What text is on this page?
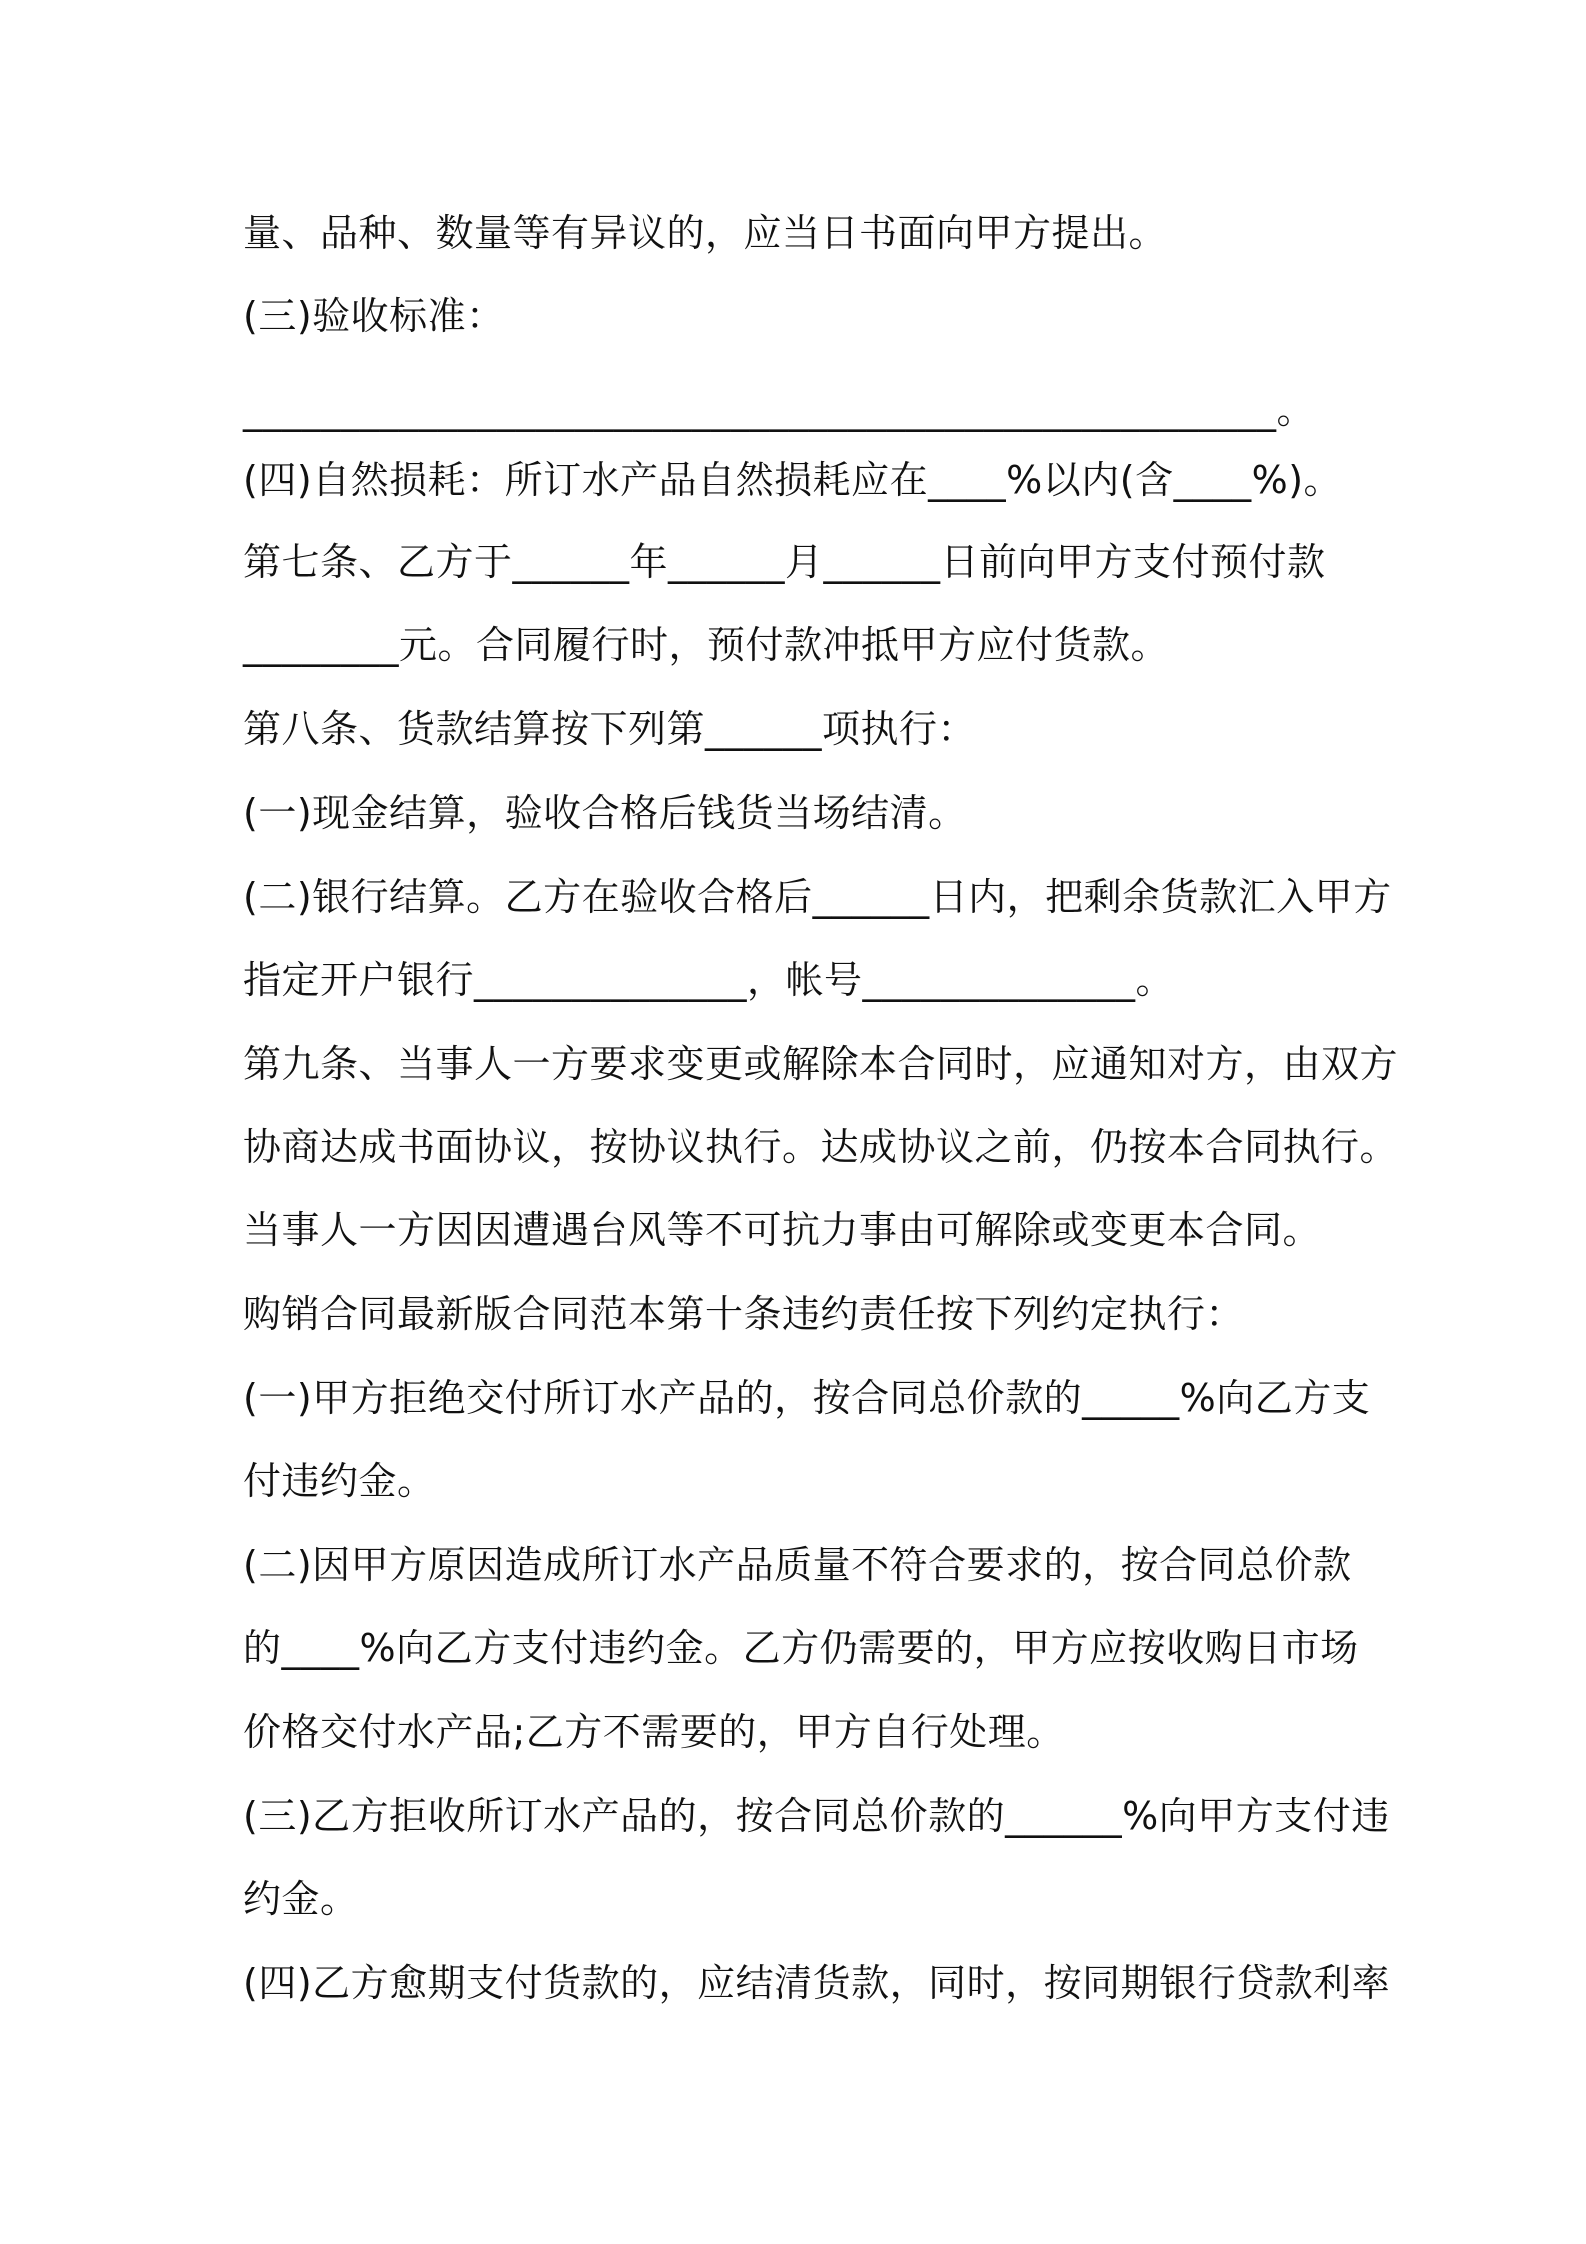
量、品种、数量等有异议的，应当日书面向甲方提出。
(三)验收标准：
_____________________________________________________。
(四)自然损耗：所订水产品自然损耗应在____%以内(含____%)。
第七条、乙方于______年______月______日前向甲方支付预付款
________元。合同履行时，预付款冲抵甲方应付货款。
第八条、货款结算按下列第______项执行：
(一)现金结算，验收合格后钱货当场结清。
(二)银行结算。乙方在验收合格后______日内，把剩余货款汇入甲方
指定开户银行______________，帐号______________。
第九条、当事人一方要求变更或解除本合同时，应通知对方，由双方
协商达成书面协议，按协议执行。达成协议之前，仍按本合同执行。
当事人一方因因遭遇台风等不可抗力事由可解除或变更本合同。
购销合同最新版合同范本第十条违约责任按下列约定执行：
(一)甲方拒绝交付所订水产品的，按合同总价款的_____%向乙方支
付违约金。
(二)因甲方原因造成所订水产品质量不符合要求的，按合同总价款
的____%向乙方支付违约金。乙方仍需要的，甲方应按收购日市场
价格交付水产品;乙方不需要的，甲方自行处理。
(三)乙方拒收所订水产品的，按合同总价款的______%向甲方支付违
约金。
(四)乙方愈期支付货款的，应结清货款，同时，按同期银行贷款利率
